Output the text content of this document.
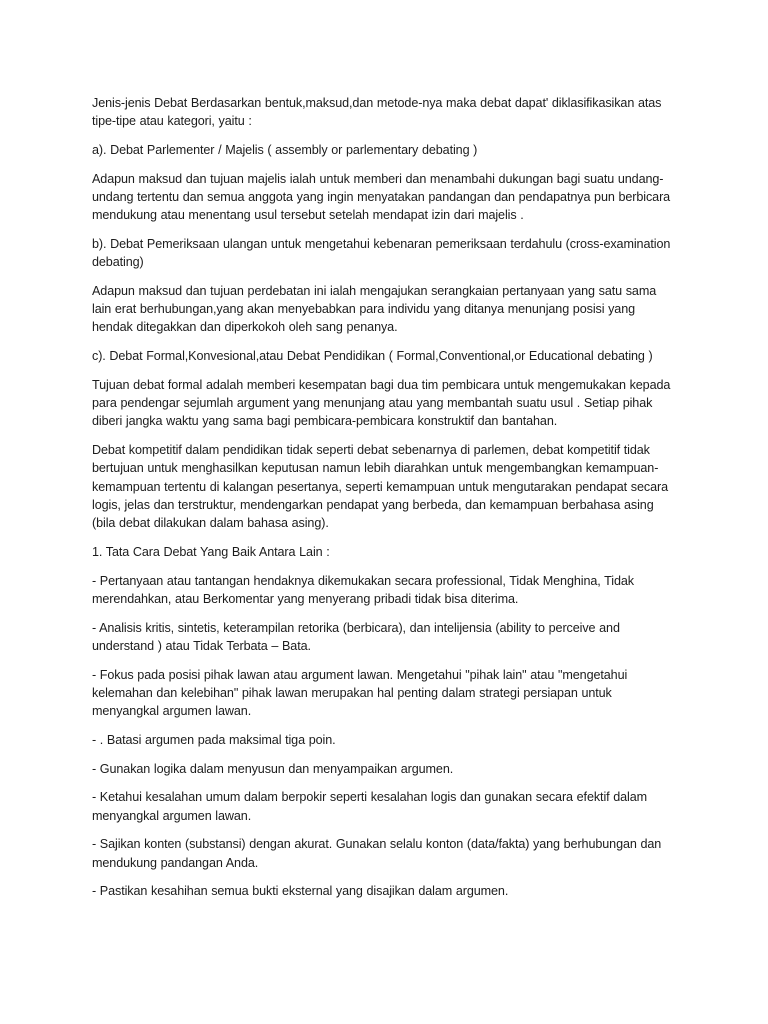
Jenis-jenis Debat Berdasarkan bentuk,maksud,dan metode-nya maka debat dapat' diklasifikasikan atas tipe-tipe atau kategori, yaitu :

a). Debat Parlementer / Majelis ( assembly or parlementary debating )

Adapun maksud dan tujuan majelis ialah untuk memberi dan menambahi dukungan bagi suatu undang-undang tertentu dan semua anggota yang ingin menyatakan pandangan dan pendapatnya pun berbicara mendukung atau menentang usul tersebut setelah mendapat izin dari majelis .

b). Debat Pemeriksaan ulangan untuk mengetahui kebenaran pemeriksaan terdahulu (cross-examination debating)

Adapun maksud dan tujuan perdebatan ini ialah mengajukan serangkaian pertanyaan yang satu sama lain erat berhubungan,yang akan menyebabkan para individu yang ditanya menunjang posisi yang hendak ditegakkan dan diperkokoh oleh sang penanya.

c). Debat Formal,Konvesional,atau Debat Pendidikan ( Formal,Conventional,or Educational debating )

Tujuan debat formal adalah memberi kesempatan bagi dua tim pembicara untuk mengemukakan kepada para pendengar sejumlah argument yang menunjang atau yang membantah suatu usul . Setiap pihak diberi jangka waktu yang sama bagi pembicara-pembicara konstruktif dan bantahan.

Debat kompetitif dalam pendidikan tidak seperti debat sebenarnya di parlemen, debat kompetitif tidak bertujuan untuk menghasilkan keputusan namun lebih diarahkan untuk mengembangkan kemampuan-kemampuan tertentu di kalangan pesertanya, seperti kemampuan untuk mengutarakan pendapat secara logis, jelas dan terstruktur, mendengarkan pendapat yang berbeda, dan kemampuan berbahasa asing (bila debat dilakukan dalam bahasa asing).

1. Tata Cara Debat Yang Baik Antara Lain :

- Pertanyaan atau tantangan hendaknya dikemukakan secara professional, Tidak Menghina, Tidak merendahkan, atau Berkomentar yang menyerang pribadi tidak bisa diterima.

- Analisis kritis, sintetis, keterampilan retorika (berbicara), dan intelijensia (ability to perceive and understand ) atau Tidak Terbata – Bata.

- Fokus pada posisi pihak lawan atau argument lawan. Mengetahui "pihak lain" atau "mengetahui kelemahan dan kelebihan" pihak lawan merupakan hal penting dalam strategi persiapan untuk menyangkal argumen lawan.

- . Batasi argumen pada maksimal tiga poin.

- Gunakan logika dalam menyusun dan menyampaikan argumen.

- Ketahui kesalahan umum dalam berpokir seperti kesalahan logis dan gunakan secara efektif dalam menyangkal argumen lawan.

- Sajikan konten (substansi) dengan akurat. Gunakan selalu konton (data/fakta) yang berhubungan dan mendukung pandangan Anda.

- Pastikan kesahihan semua bukti eksternal yang disajikan dalam argumen.
